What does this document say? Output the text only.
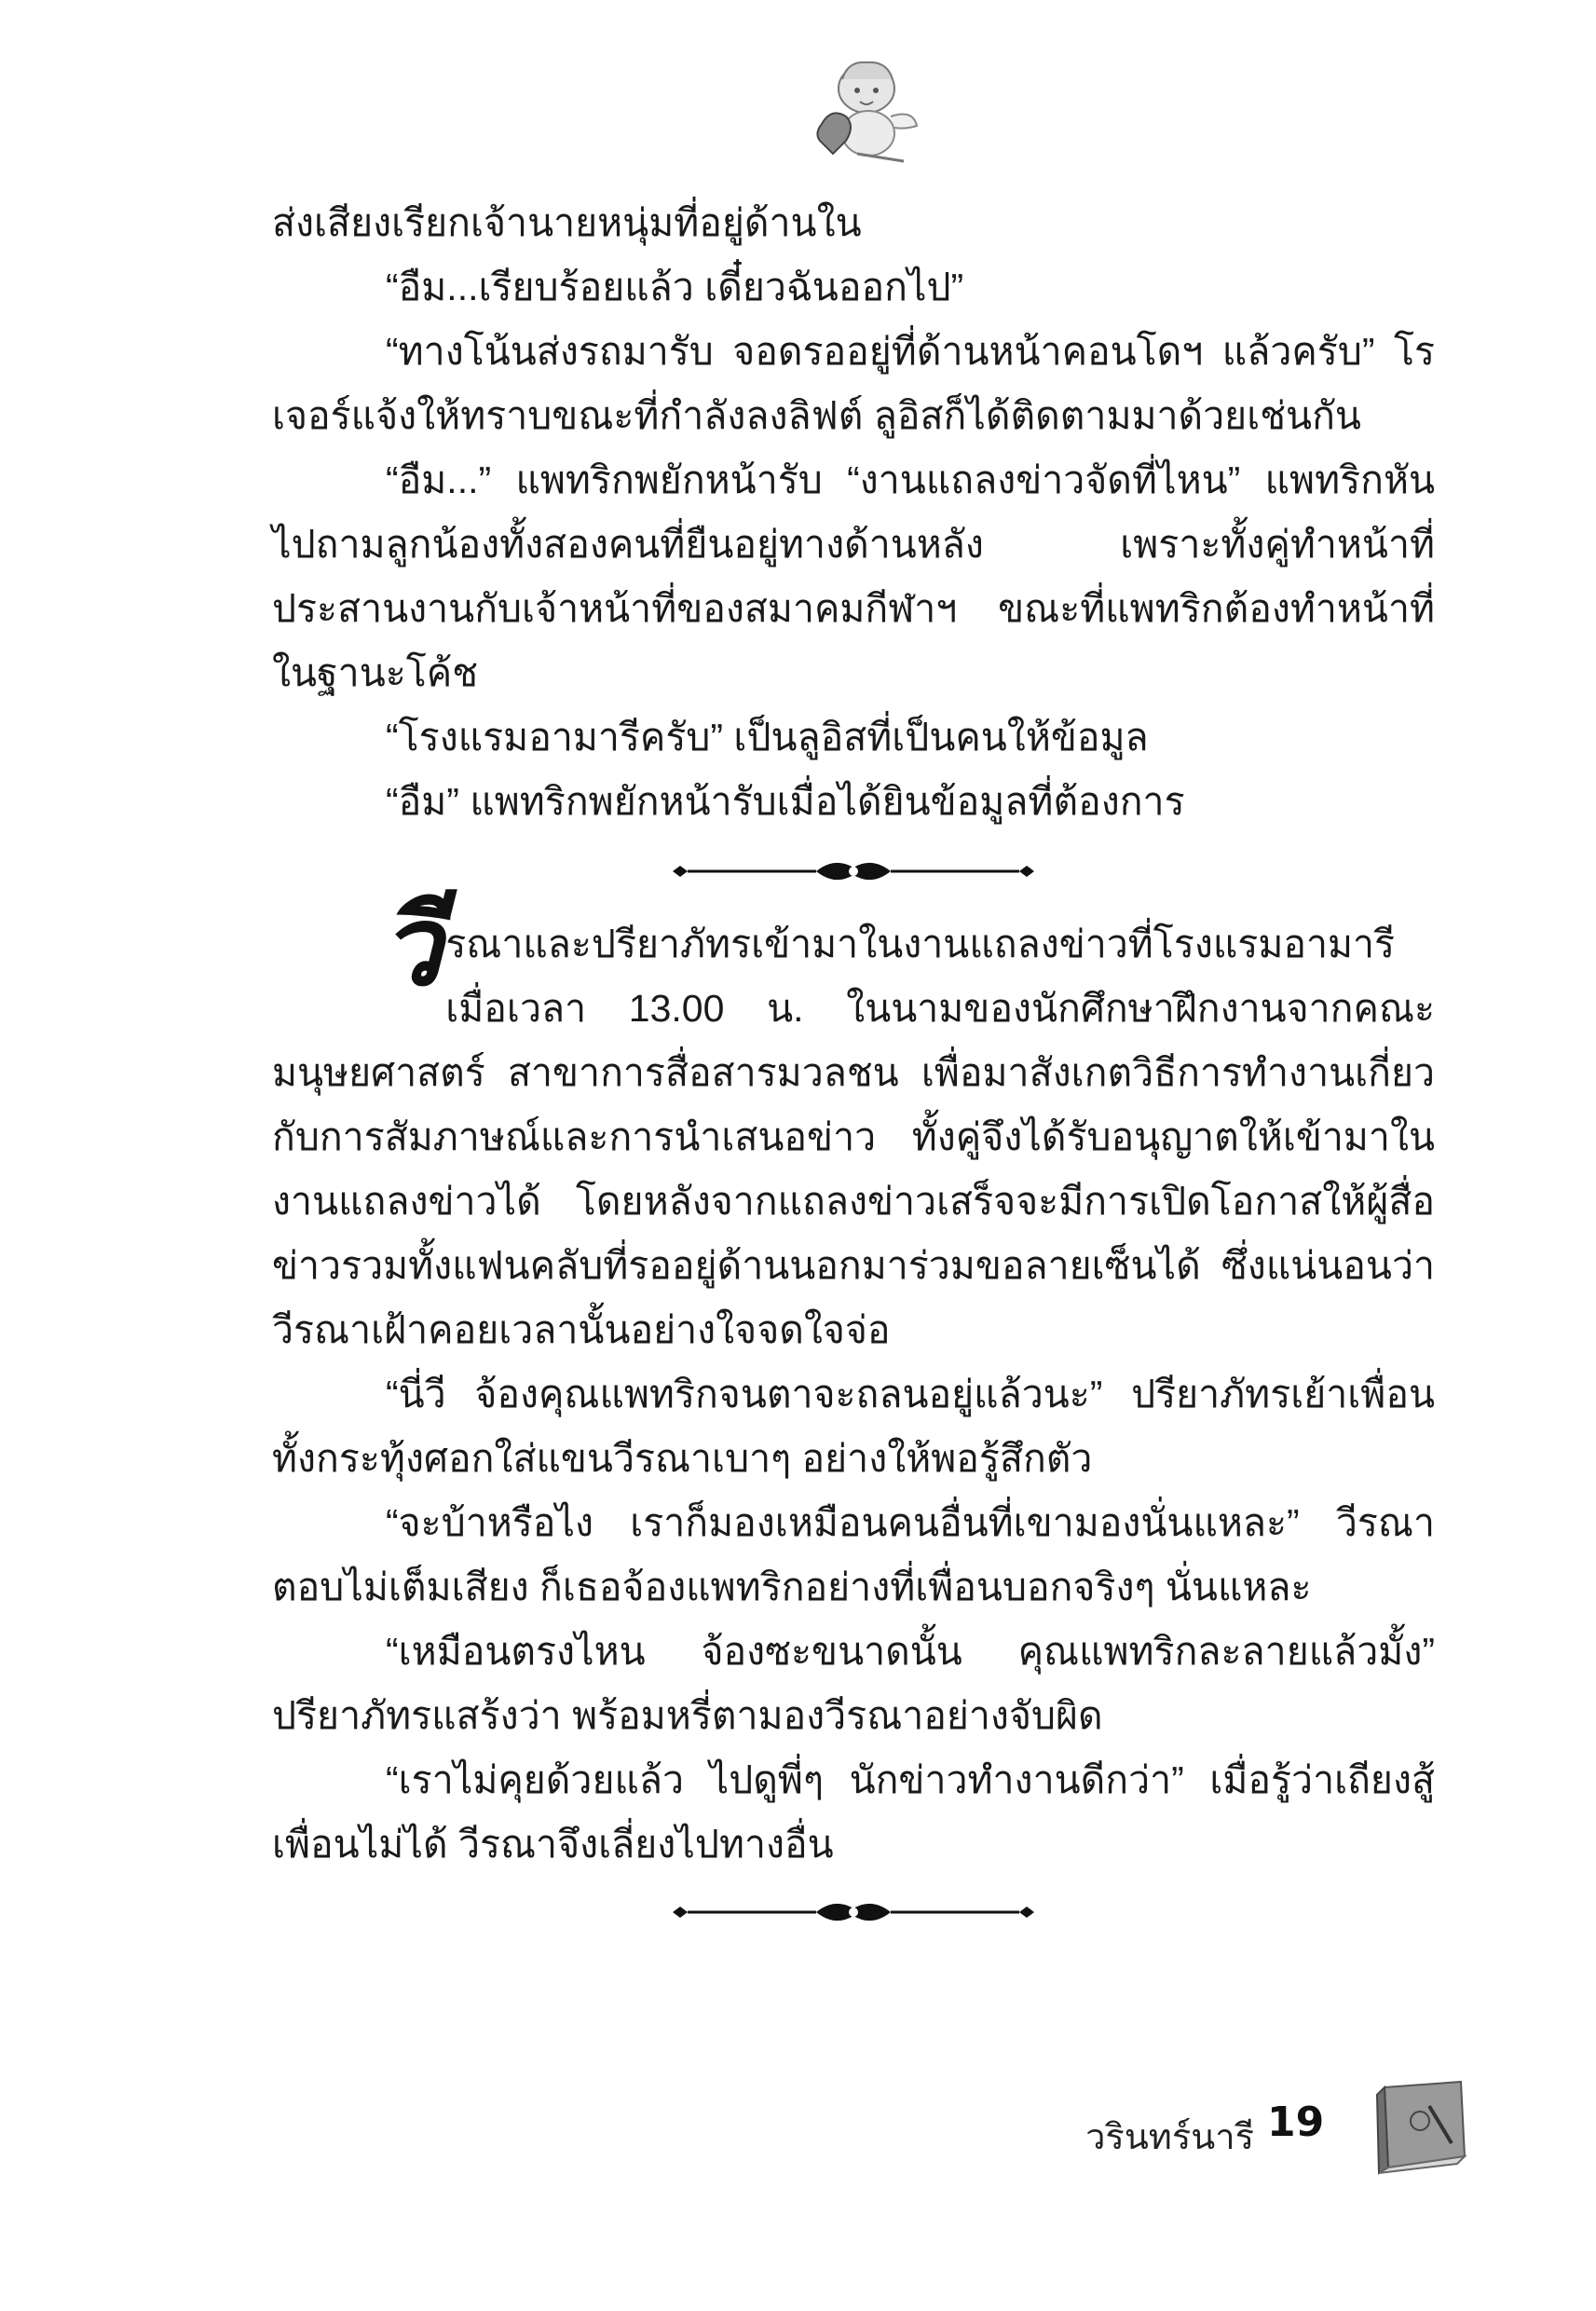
ส่งเสียงเรียกเจ้านายหนุ่มที่อยู่ด้านใน

“อืม...เรียบร้อยแล้ว เดี๋ยวฉันออกไป”

“ทางโน้นส่งรถมารับ จอดรออยู่ที่ด้านหน้าคอนโดฯ แล้วครับ” โรเจอร์แจ้งให้ทราบขณะที่กำลังลงลิฟต์ ลูอิสก็ได้ติดตามมาด้วยเช่นกัน

“อืม...” แพทริกพยักหน้ารับ “งานแถลงข่าวจัดที่ไหน” แพทริกหันไปถามลูกน้องทั้งสองคนที่ยืนอยู่ทางด้านหลัง เพราะทั้งคู่ทำหน้าที่ประสานงานกับเจ้าหน้าที่ของสมาคมกีฬาฯ ขณะที่แพทริกต้องทำหน้าที่ในฐานะโค้ช

“โรงแรมอามารีครับ” เป็นลูอิสที่เป็นคนให้ข้อมูล

“อืม” แพทริกพยักหน้ารับเมื่อได้ยินข้อมูลที่ต้องการ

วีรณาและปรียาภัทรเข้ามาในงานแถลงข่าวที่โรงแรมอามารีเมื่อเวลา 13.00 น. ในนามของนักศึกษาฝึกงานจากคณะมนุษยศาสตร์ สาขาการสื่อสารมวลชน เพื่อมาสังเกตวิธีการทำงานเกี่ยวกับการสัมภาษณ์และการนำเสนอข่าว ทั้งคู่จึงได้รับอนุญาตให้เข้ามาในงานแถลงข่าวได้ โดยหลังจากแถลงข่าวเสร็จจะมีการเปิดโอกาสให้ผู้สื่อข่าวรวมทั้งแฟนคลับที่รออยู่ด้านนอกมาร่วมขอลายเซ็นได้ ซึ่งแน่นอนว่าวีรณาเฝ้าคอยเวลานั้นอย่างใจจดใจจ่อ

“นี่วี จ้องคุณแพทริกจนตาจะถลนอยู่แล้วนะ” ปรียาภัทรเย้าเพื่อน ทั้งกระทุ้งศอกใส่แขนวีรณาเบาๆ อย่างให้พอรู้สึกตัว

“จะบ้าหรือไง เราก็มองเหมือนคนอื่นที่เขามองนั่นแหละ” วีรณาตอบไม่เต็มเสียง ก็เธอจ้องแพทริกอย่างที่เพื่อนบอกจริงๆ นั่นแหละ

“เหมือนตรงไหน จ้องซะขนาดนั้น คุณแพทริกละลายแล้วมั้ง” ปรียาภัทรแสร้งว่า พร้อมหรี่ตามองวีรณาอย่างจับผิด

“เราไม่คุยด้วยแล้ว ไปดูพี่ๆ นักข่าวทำงานดีกว่า” เมื่อรู้ว่าเถียงสู้เพื่อนไม่ได้ วีรณาจึงเลี่ยงไปทางอื่น

วรินทร์นารี 19
